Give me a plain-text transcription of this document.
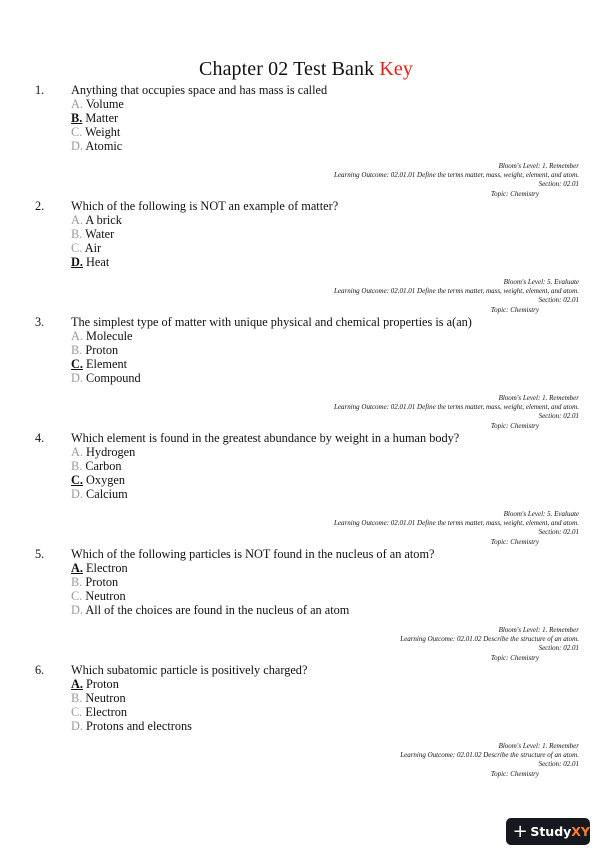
Chapter 02 Test Bank Key
1. Anything that occupies space and has mass is called
A. Volume
B. Matter
C. Weight
D. Atomic
Bloom's Level: 1. Remember
Learning Outcome: 02.01.01 Define the terms matter, mass, weight, element, and atom.
Section: 02.01
Topic: Chemistry
2. Which of the following is NOT an example of matter?
A. A brick
B. Water
C. Air
D. Heat
Bloom's Level: 5. Evaluate
Learning Outcome: 02.01.01 Define the terms matter, mass, weight, element, and atom.
Section: 02.01
Topic: Chemistry
3. The simplest type of matter with unique physical and chemical properties is a(an)
A. Molecule
B. Proton
C. Element
D. Compound
Bloom's Level: 1. Remember
Learning Outcome: 02.01.01 Define the terms matter, mass, weight, element, and atom.
Section: 02.01
Topic: Chemistry
4. Which element is found in the greatest abundance by weight in a human body?
A. Hydrogen
B. Carbon
C. Oxygen
D. Calcium
Bloom's Level: 5. Evaluate
Learning Outcome: 02.01.01 Define the terms matter, mass, weight, element, and atom.
Section: 02.01
Topic: Chemistry
5. Which of the following particles is NOT found in the nucleus of an atom?
A. Electron
B. Proton
C. Neutron
D. All of the choices are found in the nucleus of an atom
Bloom's Level: 1. Remember
Learning Outcome: 02.01.02 Describe the structure of an atom.
Section: 02.01
Topic: Chemistry
6. Which subatomic particle is positively charged?
A. Proton
B. Neutron
C. Electron
D. Protons and electrons
Bloom's Level: 1. Remember
Learning Outcome: 02.01.02 Describe the structure of an atom.
Section: 02.01
Topic: Chemistry
+ Study XY
